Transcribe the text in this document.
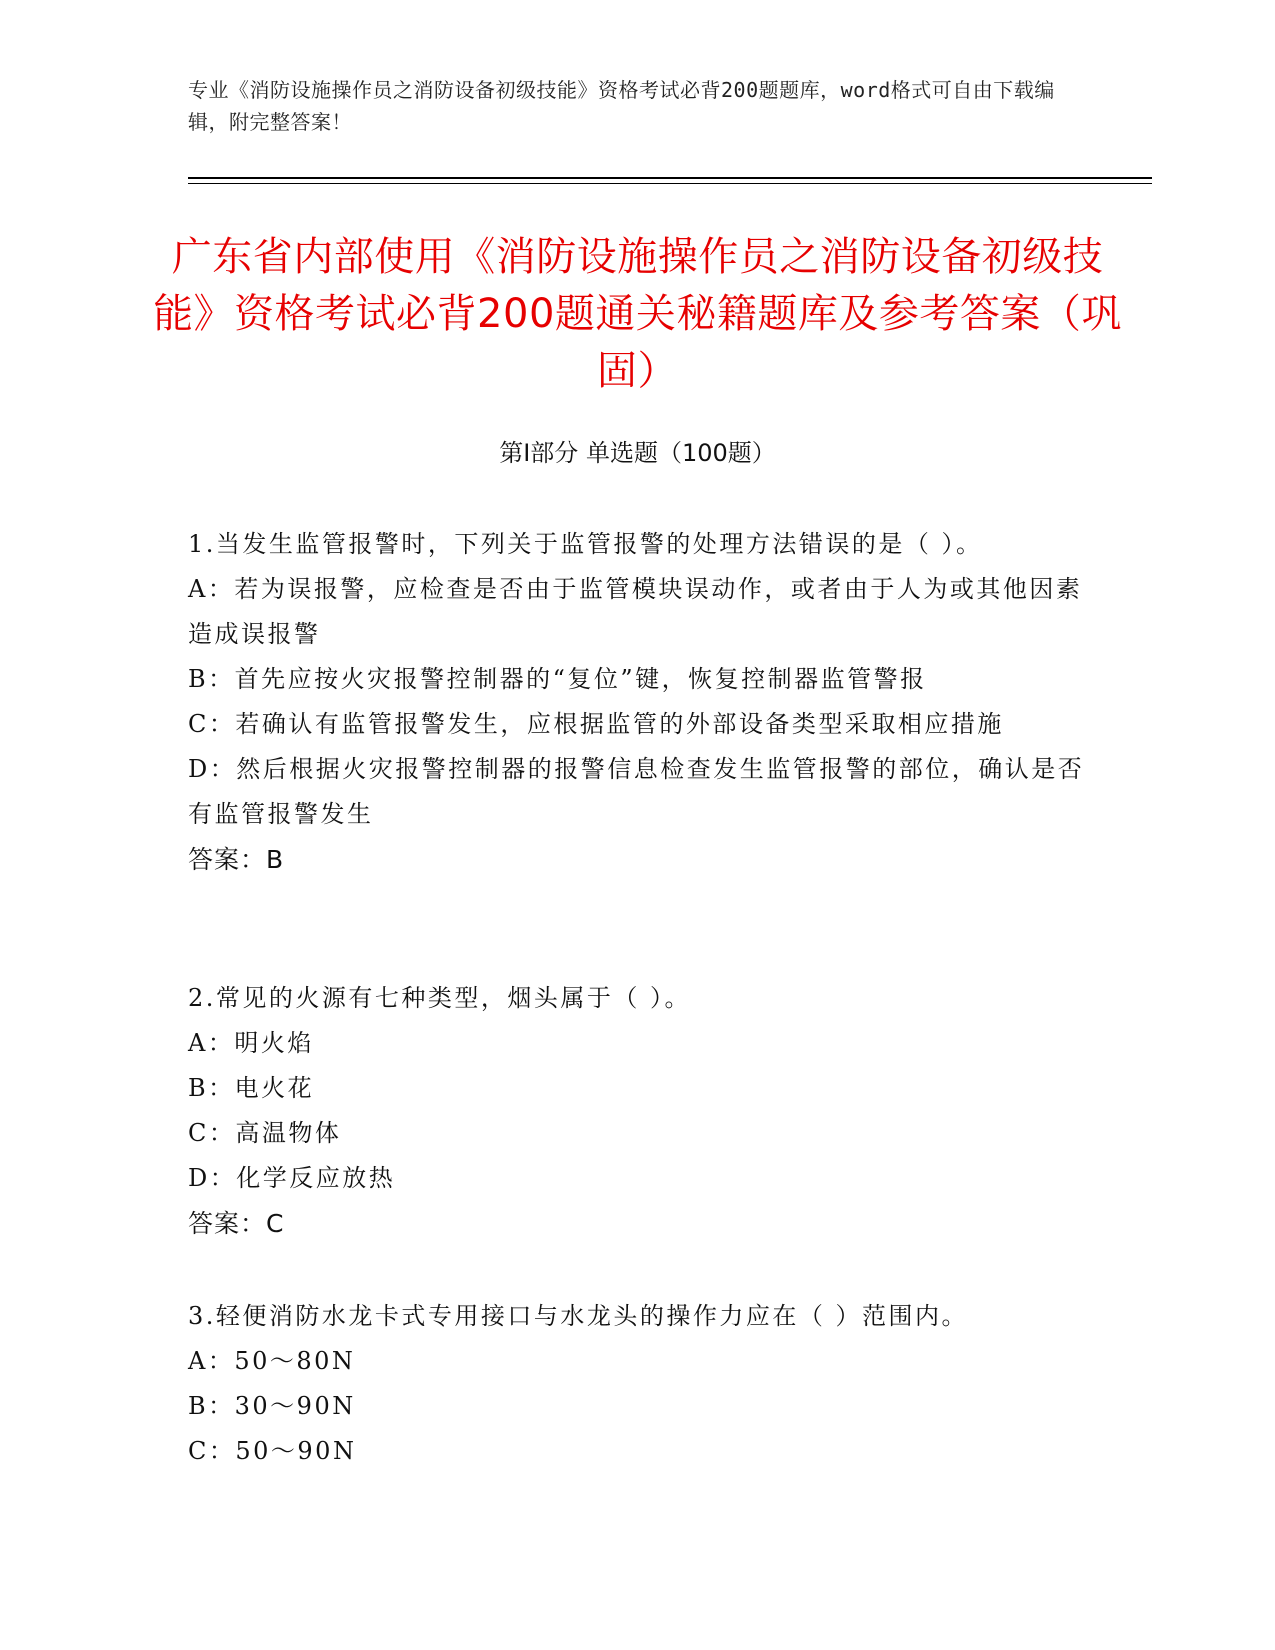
专业《消防设施操作员之消防设备初级技能》资格考试必背200题题库，word格式可自由下载编辑，附完整答案！
广东省内部使用《消防设施操作员之消防设备初级技能》资格考试必背200题通关秘籍题库及参考答案（巩固）
第I部分 单选题（100题）

1.当发生监管报警时，下列关于监管报警的处理方法错误的是（ ）。

A：若为误报警，应检查是否由于监管模块误动作，或者由于人为或其他因素造成误报警

B：首先应按火灾报警控制器的“复位”键，恢复控制器监管警报

C：若确认有监管报警发生，应根据监管的外部设备类型采取相应措施

D：然后根据火灾报警控制器的报警信息检查发生监管报警的部位，确认是否有监管报警发生

答案：B

2.常见的火源有七种类型，烟头属于（ ）。

A：明火焰

B：电火花

C：高温物体

D：化学反应放热

答案：C

3.轻便消防水龙卡式专用接口与水龙头的操作力应在（ ）范围内。

A：50～80N

B：30～90N

C：50～90N
